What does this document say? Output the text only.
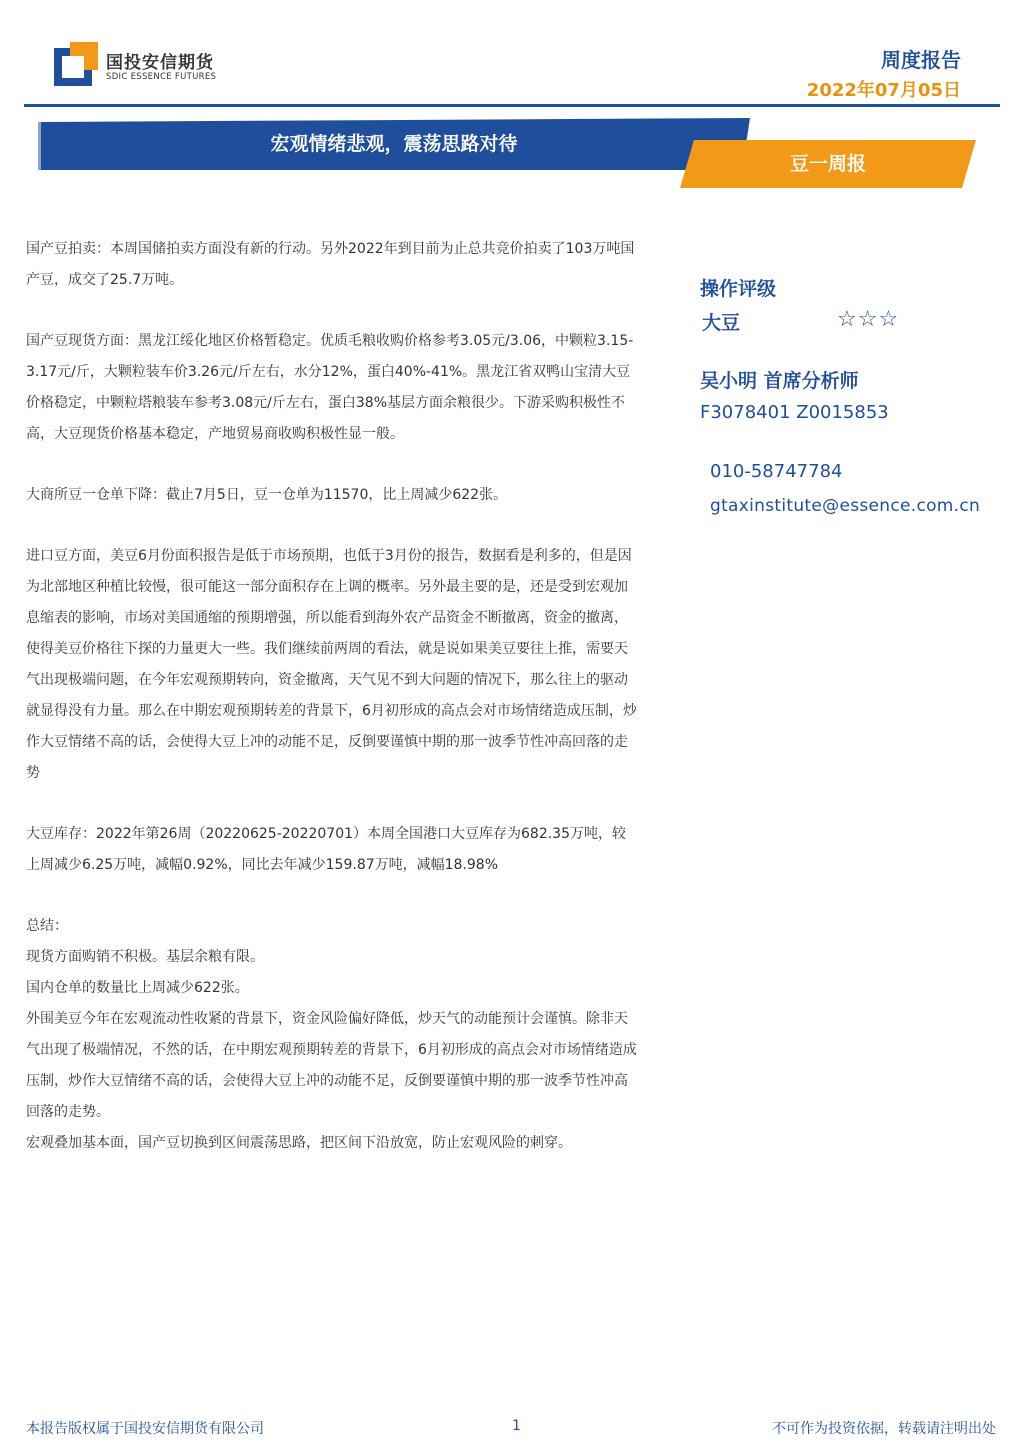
国投安信期货
SDIC ESSENCE FUTURES
周度报告
2022年07月05日
宏观情绪悲观，震荡思路对待
豆一周报

国产豆拍卖：本周国储拍卖方面没有新的行动。另外2022年到目前为止总共竞价拍卖了103万吨国产豆，成交了25.7万吨。

国产豆现货方面：黑龙江绥化地区价格暂稳定。优质毛粮收购价格参考3.05元/3.06，中颗粒3.15-3.17元/斤，大颗粒装车价3.26元/斤左右，水分12%，蛋白40%-41%。黑龙江省双鸭山宝清大豆价格稳定，中颗粒塔粮装车参考3.08元/斤左右，蛋白38%基层方面余粮很少。下游采购积极性不高，大豆现货价格基本稳定，产地贸易商收购积极性显一般。

大商所豆一仓单下降：截止7月5日，豆一仓单为11570，比上周减少622张。

进口豆方面，美豆6月份面积报告是低于市场预期，也低于3月份的报告，数据看是利多的，但是因为北部地区种植比较慢，很可能这一部分面积存在上调的概率。另外最主要的是，还是受到宏观加息缩表的影响，市场对美国通缩的预期增强，所以能看到海外农产品资金不断撤离，资金的撤离，使得美豆价格往下探的力量更大一些。我们继续前两周的看法，就是说如果美豆要往上推，需要天气出现极端问题，在今年宏观预期转向，资金撤离，天气见不到大问题的情况下，那么往上的驱动就显得没有力量。那么在中期宏观预期转差的背景下，6月初形成的高点会对市场情绪造成压制，炒作大豆情绪不高的话，会使得大豆上冲的动能不足，反倒要谨慎中期的那一波季节性冲高回落的走势

大豆库存：2022年第26周（20220625-20220701）本周全国港口大豆库存为682.35万吨，较上周减少6.25万吨，减幅0.92%，同比去年减少159.87万吨，减幅18.98%

总结：
现货方面购销不积极。基层余粮有限。
国内仓单的数量比上周减少622张。
外围美豆今年在宏观流动性收紧的背景下，资金风险偏好降低，炒天气的动能预计会谨慎。除非天气出现了极端情况，不然的话，在中期宏观预期转差的背景下，6月初形成的高点会对市场情绪造成压制，炒作大豆情绪不高的话，会使得大豆上冲的动能不足，反倒要谨慎中期的那一波季节性冲高回落的走势。
宏观叠加基本面，国产豆切换到区间震荡思路，把区间下沿放宽，防止宏观风险的刺穿。
操作评级
大豆	☆☆☆
吴小明 首席分析师
F3078401 Z0015853
010-58747784
gtaxinstitute@essence.com.cn
本报告版权属于国投安信期货有限公司	1	不可作为投资依据，转载请注明出处
